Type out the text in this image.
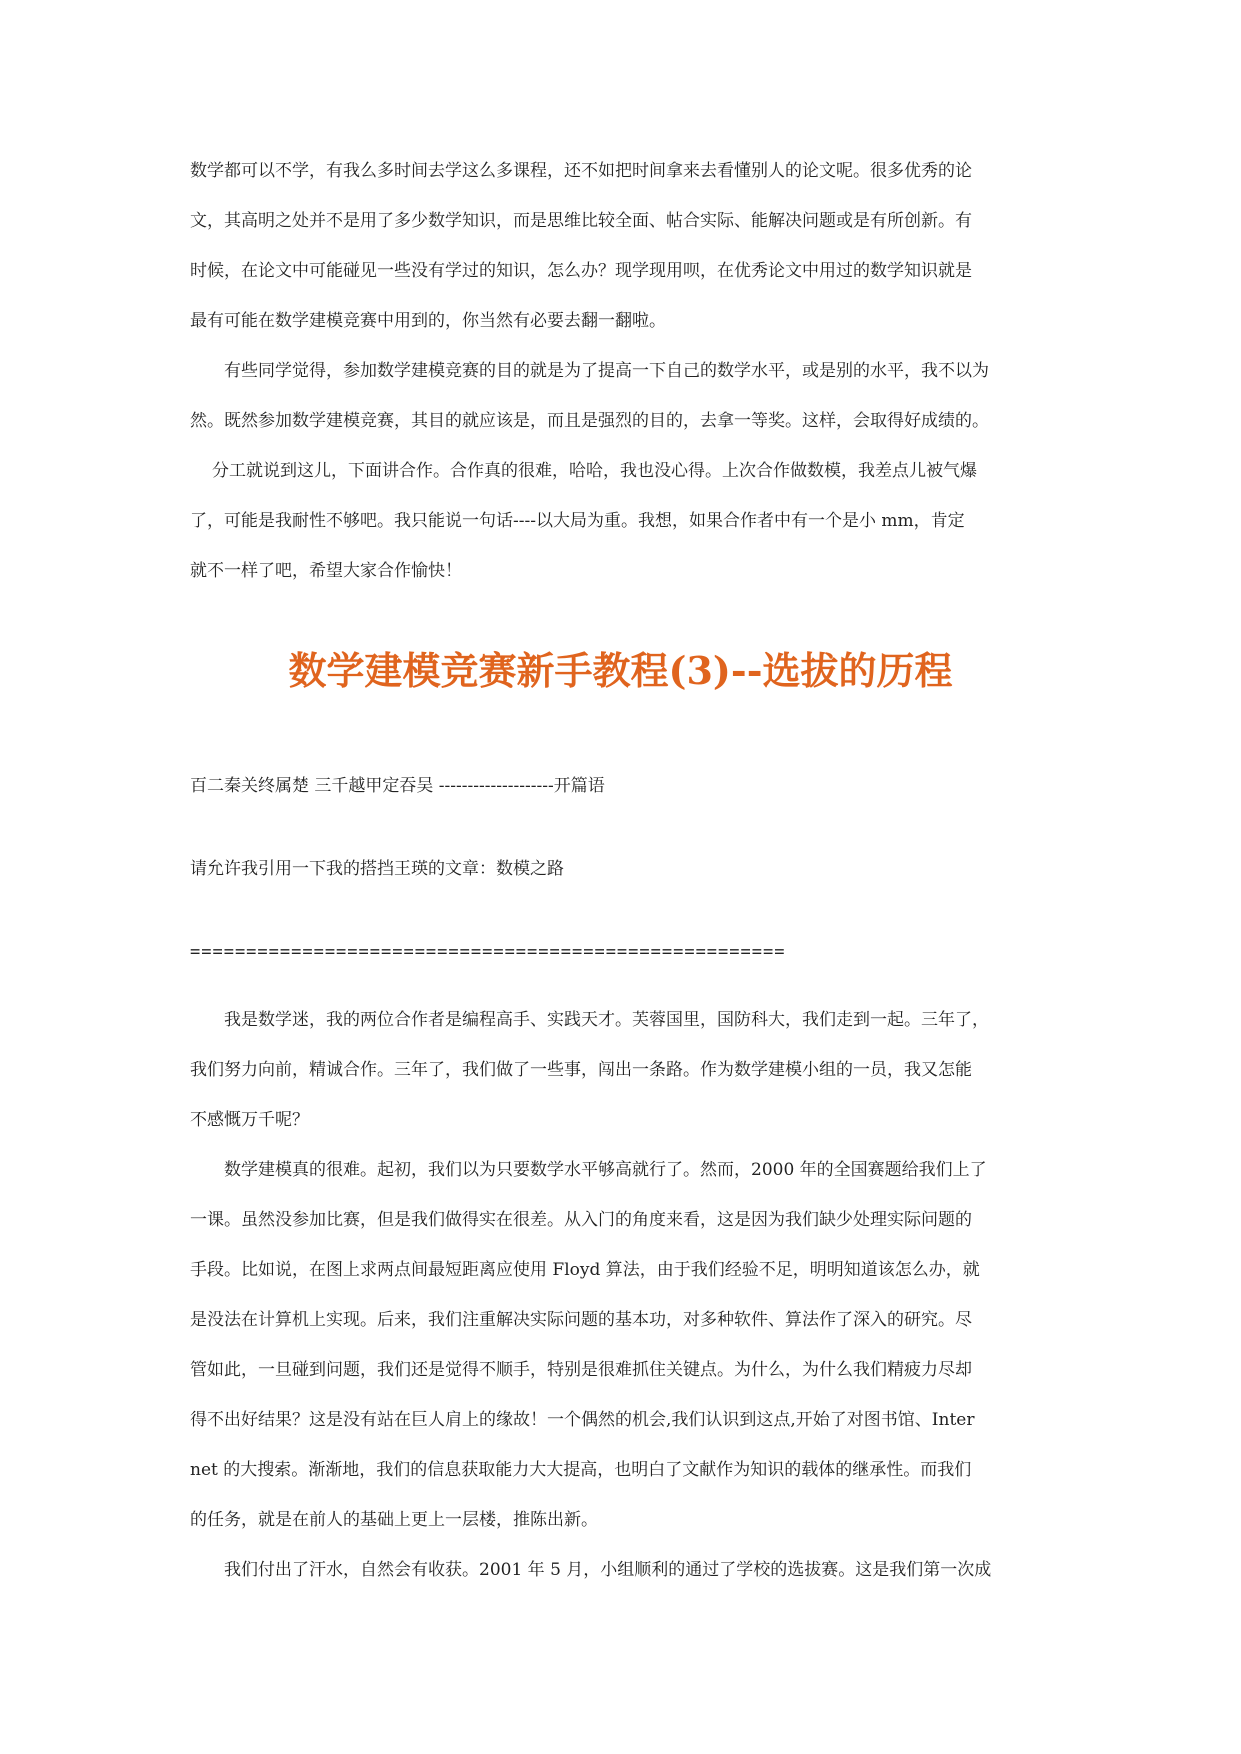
数学都可以不学，有我么多时间去学这么多课程，还不如把时间拿来去看懂别人的论文呢。很多优秀的论
文，其高明之处并不是用了多少数学知识，而是思维比较全面、帖合实际、能解决问题或是有所创新。有
时候，在论文中可能碰见一些没有学过的知识，怎么办？现学现用呗，在优秀论文中用过的数学知识就是
最有可能在数学建模竞赛中用到的，你当然有必要去翻一翻啦。
有些同学觉得，参加数学建模竞赛的目的就是为了提高一下自己的数学水平，或是别的水平，我不以为
然。既然参加数学建模竞赛，其目的就应该是，而且是强烈的目的，去拿一等奖。这样，会取得好成绩的。
分工就说到这儿，下面讲合作。合作真的很难，哈哈，我也没心得。上次合作做数模，我差点儿被气爆
了，可能是我耐性不够吧。我只能说一句话----以大局为重。我想，如果合作者中有一个是小 mm，肯定
就不一样了吧，希望大家合作愉快！
数学建模竞赛新手教程(3)--选拔的历程
百二秦关终属楚 三千越甲定吞吴 --------------------开篇语
请允许我引用一下我的搭挡王瑛的文章：数模之路
=====================================================
我是数学迷，我的两位合作者是编程高手、实践天才。芙蓉国里，国防科大，我们走到一起。三年了，
我们努力向前，精诚合作。三年了，我们做了一些事，闯出一条路。作为数学建模小组的一员，我又怎能
不感慨万千呢？
数学建模真的很难。起初，我们以为只要数学水平够高就行了。然而，2000 年的全国赛题给我们上了
一课。虽然没参加比赛，但是我们做得实在很差。从入门的角度来看，这是因为我们缺少处理实际问题的
手段。比如说，在图上求两点间最短距离应使用 Floyd 算法，由于我们经验不足，明明知道该怎么办，就
是没法在计算机上实现。后来，我们注重解决实际问题的基本功，对多种软件、算法作了深入的研究。尽
管如此，一旦碰到问题，我们还是觉得不顺手，特别是很难抓住关键点。为什么，为什么我们精疲力尽却
得不出好结果？这是没有站在巨人肩上的缘故！一个偶然的机会,我们认识到这点,开始了对图书馆、Inter
net 的大搜索。渐渐地，我们的信息获取能力大大提高，也明白了文献作为知识的载体的继承性。而我们
的任务，就是在前人的基础上更上一层楼，推陈出新。
我们付出了汗水，自然会有收获。2001 年 5 月，小组顺利的通过了学校的选拔赛。这是我们第一次成
